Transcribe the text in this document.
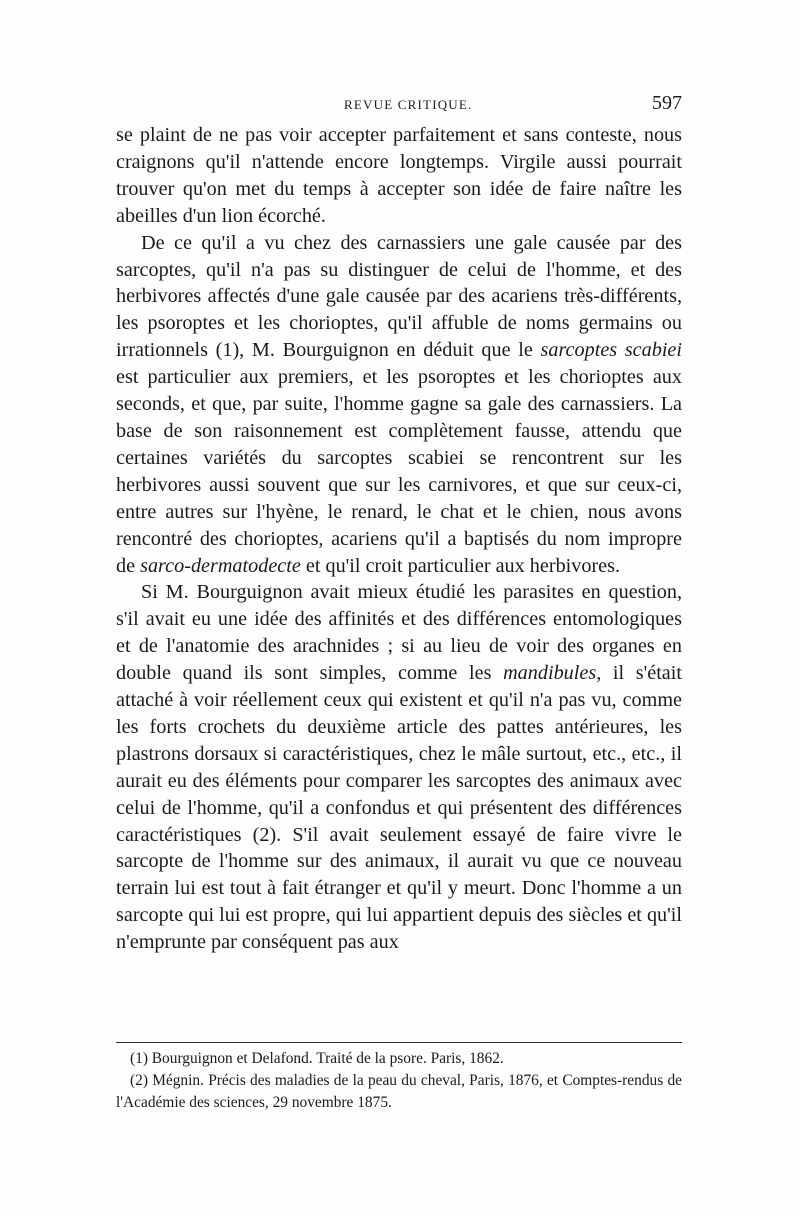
REVUE CRITIQUE.	597

se plaint de ne pas voir accepter parfaitement et sans conteste, nous craignons qu'il n'attende encore longtemps. Virgile aussi pourrait trouver qu'on met du temps à accepter son idée de faire naître les abeilles d'un lion écorché.

De ce qu'il a vu chez des carnassiers une gale causée par des sarcoptes, qu'il n'a pas su distinguer de celui de l'homme, et des herbivores affectés d'une gale causée par des acariens très-différents, les psoroptes et les chorioptes, qu'il affuble de noms germains ou irrationnels (1), M. Bourguignon en déduit que le sarcoptes scabiei est particulier aux premiers, et les psoroptes et les chorioptes aux seconds, et que, par suite, l'homme gagne sa gale des carnassiers. La base de son raisonnement est complètement fausse, attendu que certaines variétés du sarcoptes scabiei se rencontrent sur les herbivores aussi souvent que sur les carnivores, et que sur ceux-ci, entre autres sur l'hyène, le renard, le chat et le chien, nous avons rencontré des chorioptes, acariens qu'il a baptisés du nom impropre de sarco-dermatodecte et qu'il croit particulier aux herbivores.

Si M. Bourguignon avait mieux étudié les parasites en question, s'il avait eu une idée des affinités et des différences entomologiques et de l'anatomie des arachnides ; si au lieu de voir des organes en double quand ils sont simples, comme les mandibules, il s'était attaché à voir réellement ceux qui existent et qu'il n'a pas vu, comme les forts crochets du deuxième article des pattes antérieures, les plastrons dorsaux si caractéristiques, chez le mâle surtout, etc., etc., il aurait eu des éléments pour comparer les sarcoptes des animaux avec celui de l'homme, qu'il a confondus et qui présentent des différences caractéristiques (2). S'il avait seulement essayé de faire vivre le sarcopte de l'homme sur des animaux, il aurait vu que ce nouveau terrain lui est tout à fait étranger et qu'il y meurt. Donc l'homme a un sarcopte qui lui est propre, qui lui appartient depuis des siècles et qu'il n'emprunte par conséquent pas aux

(1) Bourguignon et Delafond. Traité de la psore. Paris, 1862.

(2) Mégnin. Précis des maladies de la peau du cheval, Paris, 1876, et Comptes-rendus de l'Académie des sciences, 29 novembre 1875.
